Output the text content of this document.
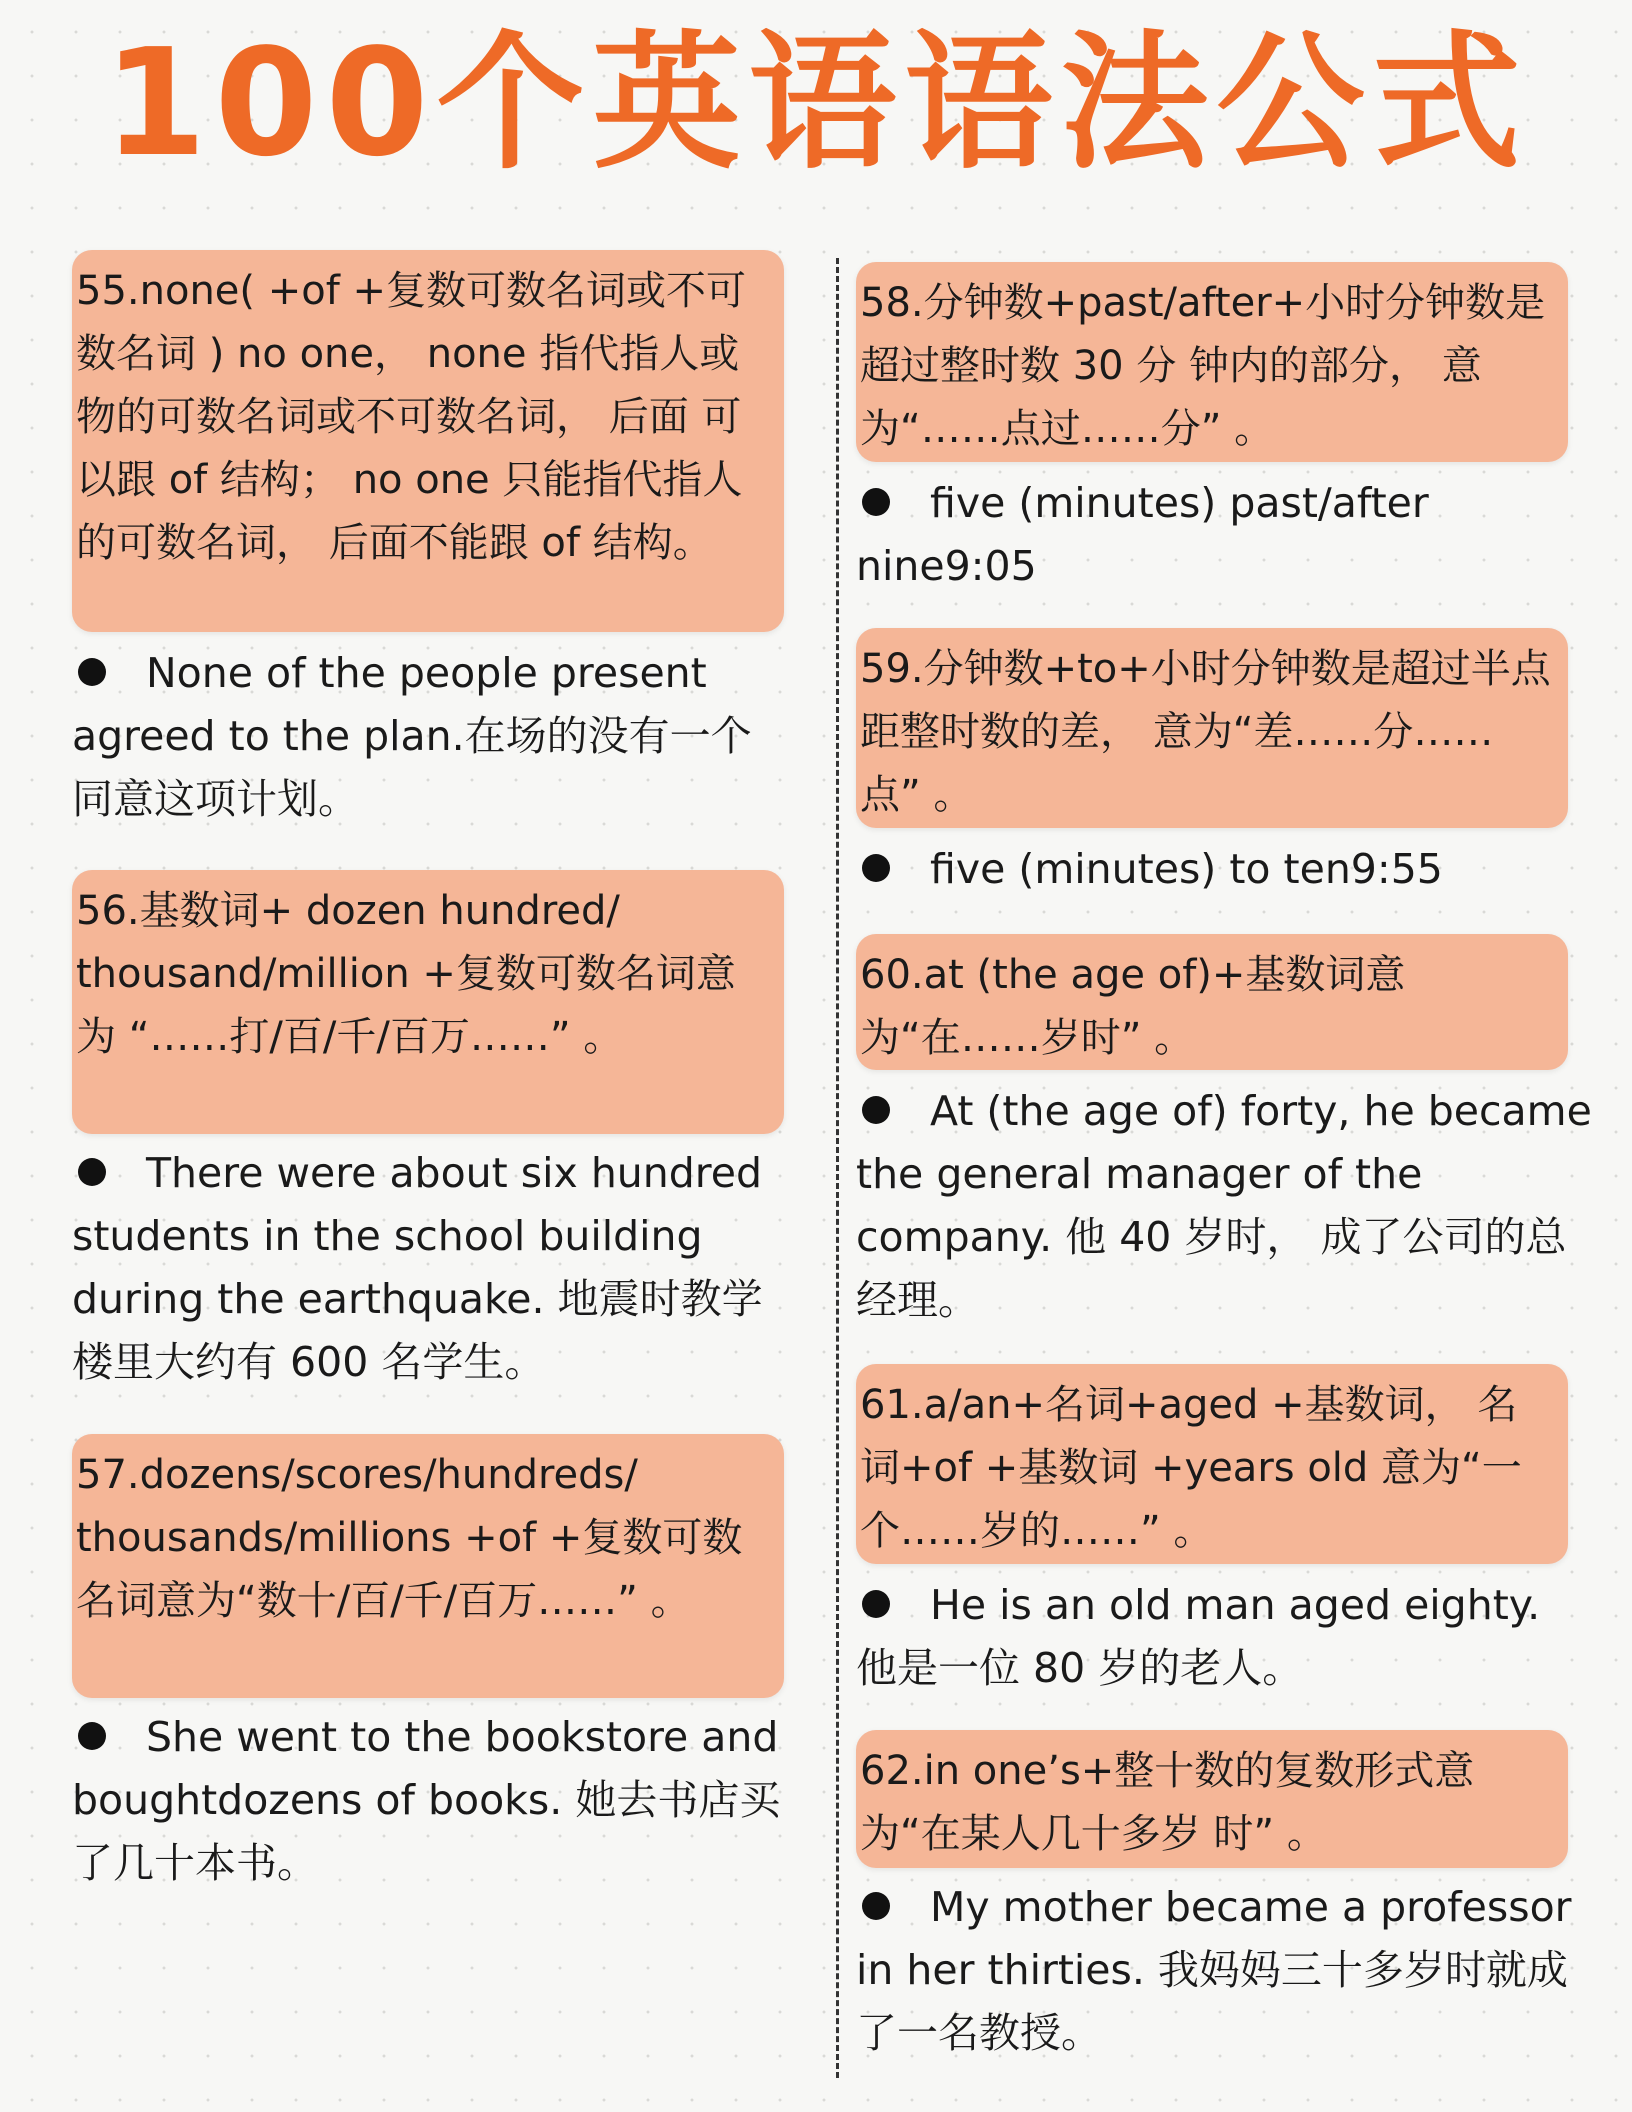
100个英语语法公式
55.none( +of +复数可数名词或不可数名词 ) no one， none 指代指人或物的可数名词或不可数名词， 后面 可以跟 of 结构； no one 只能指代指人的可数名词， 后面不能跟 of 结构。
None of the people present agreed to the plan.在场的没有一个同意这项计划。
56.基数词+ dozen hundred/ thousand/million +复数可数名词意为 “……打/百/千/百万……” 。
There were about six hundred students in the school building during the earthquake. 地震时教学楼里大约有 600 名学生。
57.dozens/scores/hundreds/ thousands/millions +of +复数可数名词意为“数十/百/千/百万……” 。
She went to the bookstore and boughtdozens of books. 她去书店买了几十本书。
58.分钟数+past/after+小时分钟数是超过整时数 30 分 钟内的部分， 意为“……点过……分” 。
five (minutes) past/after nine9:05
59.分钟数+to+小时分钟数是超过半点距整时数的差， 意为“差……分……点” 。
five (minutes) to ten9:55
60.at (the age of)+基数词意为“在……岁时” 。
At (the age of) forty, he became the general manager of the company. 他 40 岁时， 成了公司的总经理。
61.a/an+名词+aged +基数词， 名词+of +基数词 +years old 意为“一个……岁的……” 。
He is an old man aged eighty. 他是一位 80 岁的老人。
62.in one’s+整十数的复数形式意为“在某人几十多岁 时” 。
My mother became a professor in her thirties. 我妈妈三十多岁时就成了一名教授。
